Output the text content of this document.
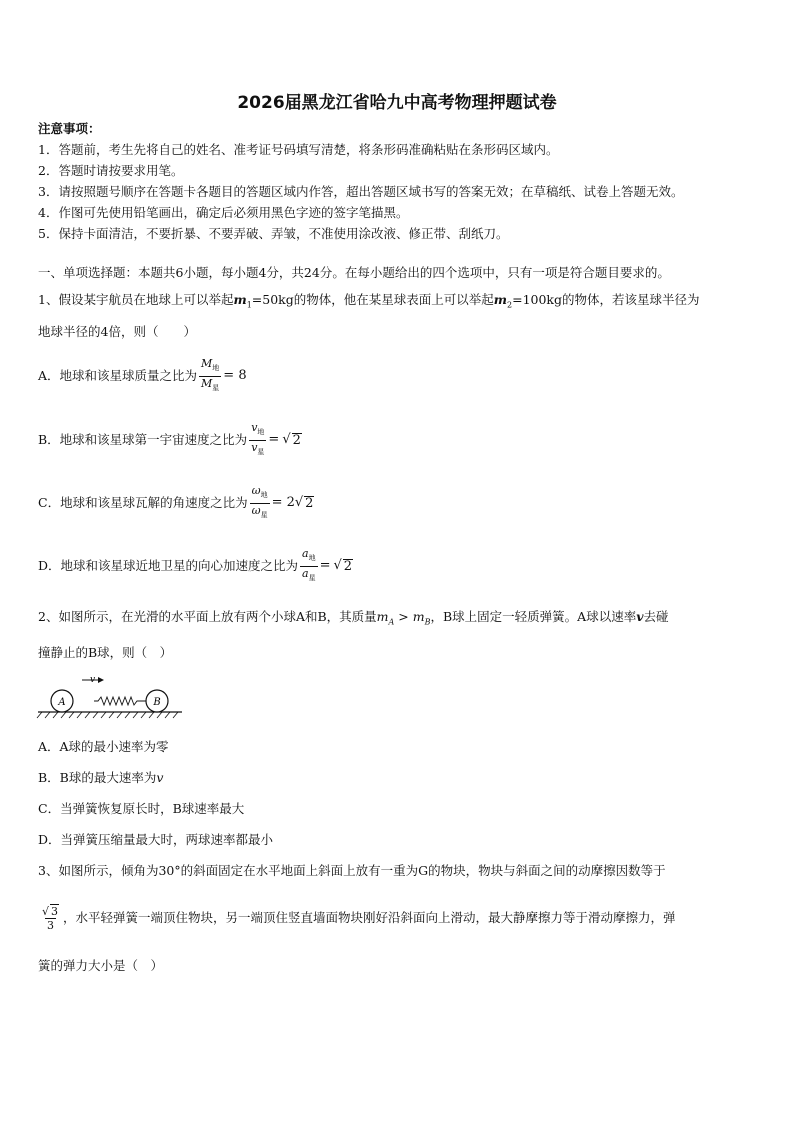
2026届黑龙江省哈九中高考物理押题试卷
注意事项：
1．答题前，考生先将自己的姓名、准考证号码填写清楚，将条形码准确粘贴在条形码区域内。
2．答题时请按要求用笔。
3．请按照题号顺序在答题卡各题目的答题区域内作答，超出答题区域书写的答案无效；在草稿纸、试卷上答题无效。
4．作图可先使用铅笔画出，确定后必须用黑色字迹的签字笔描黑。
5．保持卡面清洁，不要折暴、不要弄破、弄皱，不准使用涂改液、修正带、刮纸刀。
一、单项选择题：本题共6小题，每小题4分，共24分。在每小题给出的四个选项中，只有一项是符合题目要求的。
1、假设某宇航员在地球上可以举起$m_1=50kg$的物体，他在某星球表面上可以举起$m_2=100kg$的物体，若该星球半径为
地球半径的4倍，则（　　）
A．地球和该星球质量之比为 $\frac{M_地}{M_星} = 8$
B．地球和该星球第一宇宙速度之比为 $\frac{v_地}{v_星}$ = √ 2
C．地球和该星球瓦解的角速度之比为 $\frac{\omega_地}{\omega_星} = 2$ √ 2
D．地球和该星球近地卫星的向心加速度之比为 $\frac{a_地}{a_星}$ = √ 2
2、如图所示，在光滑的水平面上放有两个小球A和B，其质量$m_A > m_B$，B球上固定一轻质弹簧。A球以速率v去碰
撞静止的B球，则（　）
A	B
v
A．A球的最小速率为零
B．B球的最大速率为v
C．当弹簧恢复原长时，B球速率最大
D．当弹簧压缩量最大时，两球速率都最小
3、如图所示，倾角为30°的斜面固定在水平地面上斜面上放有一重为G的物块，物块与斜面之间的动摩擦因数等于
$\frac{√ 3}{3}$ ，水平轻弹簧一端顶住物块，另一端顶住竖直墙面物块刚好沿斜面向上滑动，最大静摩擦力等于滑动摩擦力，弹
簧的弹力大小是（　）
